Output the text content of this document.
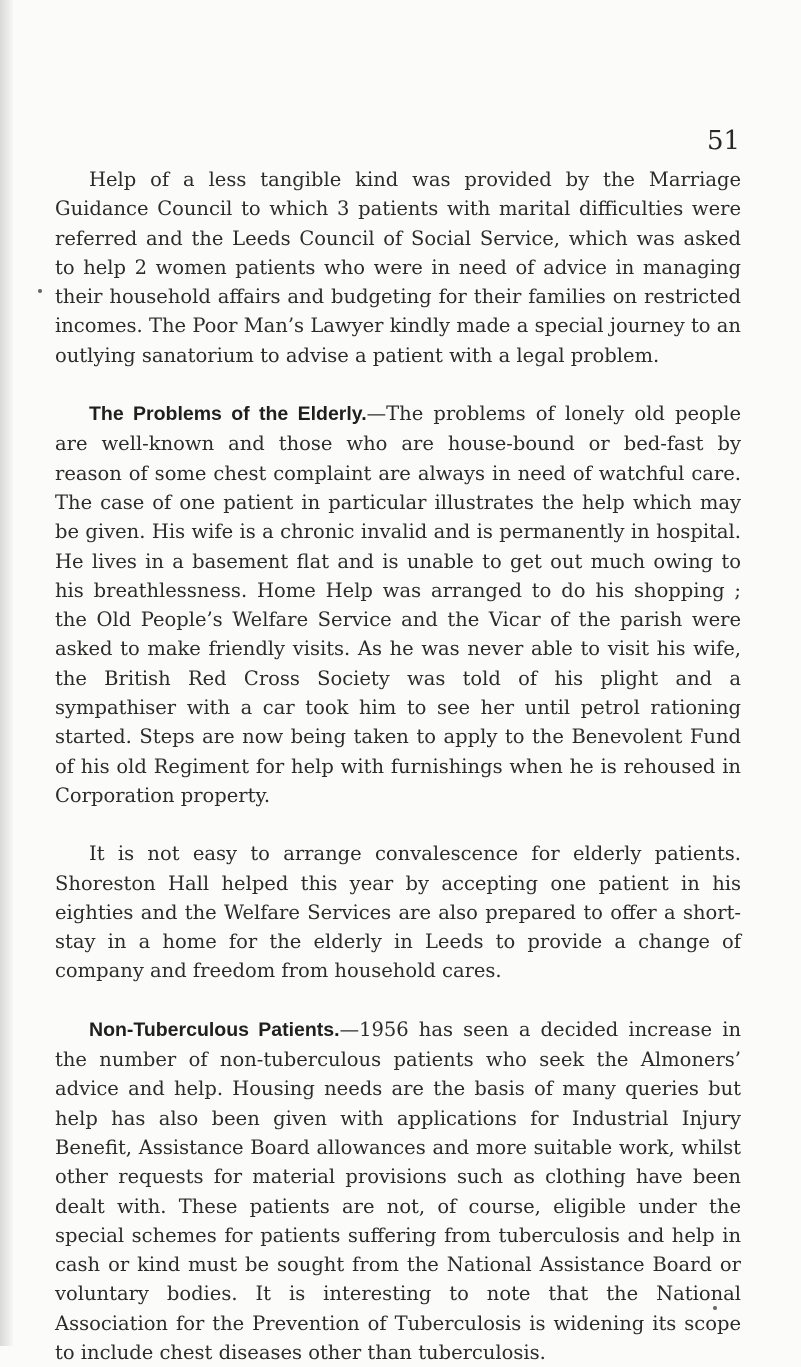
51

Help of a less tangible kind was provided by the Marriage Guidance Council to which 3 patients with marital difficulties were referred and the Leeds Council of Social Service, which was asked to help 2 women patients who were in need of advice in managing their household affairs and budgeting for their families on restricted incomes. The Poor Man’s Lawyer kindly made a special journey to an outlying sanatorium to advise a patient with a legal problem.

The Problems of the Elderly.—The problems of lonely old people are well-known and those who are house-bound or bed-fast by reason of some chest complaint are always in need of watchful care. The case of one patient in particular illustrates the help which may be given. His wife is a chronic invalid and is permanently in hospital. He lives in a basement flat and is unable to get out much owing to his breathlessness. Home Help was arranged to do his shopping ; the Old People’s Welfare Service and the Vicar of the parish were asked to make friendly visits. As he was never able to visit his wife, the British Red Cross Society was told of his plight and a sympathiser with a car took him to see her until petrol rationing started. Steps are now being taken to apply to the Benevolent Fund of his old Regiment for help with furnishings when he is rehoused in Corporation property.

It is not easy to arrange convalescence for elderly patients. Shoreston Hall helped this year by accepting one patient in his eighties and the Welfare Services are also prepared to offer a short-stay in a home for the elderly in Leeds to provide a change of company and freedom from household cares.

Non-Tuberculous Patients.—1956 has seen a decided increase in the number of non-tuberculous patients who seek the Almoners’ advice and help. Housing needs are the basis of many queries but help has also been given with applications for Industrial Injury Benefit, Assistance Board allowances and more suitable work, whilst other requests for material provisions such as clothing have been dealt with. These patients are not, of course, eligible under the special schemes for patients suffering from tuberculosis and help in cash or kind must be sought from the National Assistance Board or voluntary bodies. It is interesting to note that the National Association for the Prevention of Tuberculosis is widening its scope to include chest diseases other than tuberculosis.
